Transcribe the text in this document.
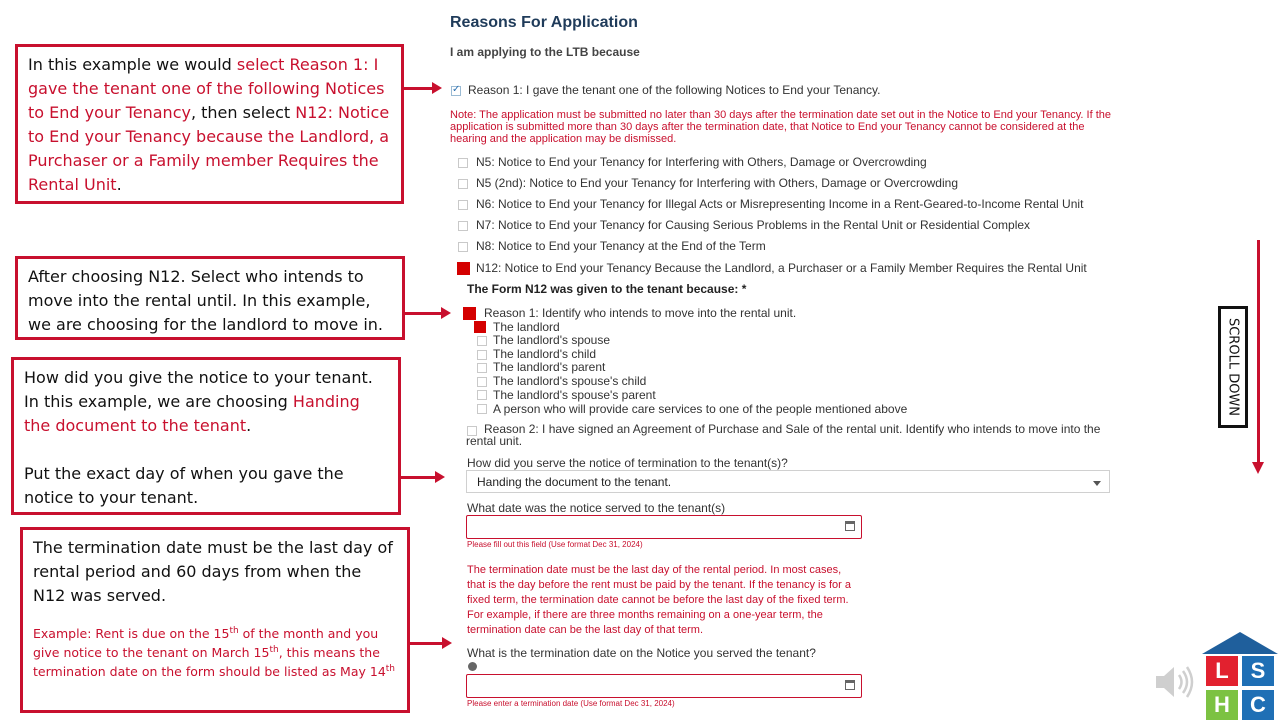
In this example we would select Reason 1: I gave the tenant one of the following Notices to End your Tenancy, then select N12: Notice to End your Tenancy because the Landlord, a Purchaser or a Family member Requires the Rental Unit.
After choosing N12. Select who intends to move into the rental until. In this example, we are choosing for the landlord to move in.
How did you give the notice to your tenant. In this example, we are choosing Handing the document to the tenant.
Put the exact day of when you gave the notice to your tenant.
The termination date must be the last day of rental period and 60 days from when the N12 was served.
Example: Rent is due on the 15th of the month and you give notice to the tenant on March 15th, this means the termination date on the form should be listed as May 14th
Reasons For Application
I am applying to the LTB because
✓
Reason 1: I gave the tenant one of the following Notices to End your Tenancy.
Note: The application must be submitted no later than 30 days after the termination date set out in the Notice to End your Tenancy. If the application is submitted more than 30 days after the termination date, that Notice to End your Tenancy cannot be considered at the hearing and the application may be dismissed.
N5: Notice to End your Tenancy for Interfering with Others, Damage or Overcrowding
N5 (2nd): Notice to End your Tenancy for Interfering with Others, Damage or Overcrowding
N6: Notice to End your Tenancy for Illegal Acts or Misrepresenting Income in a Rent-Geared-to-Income Rental Unit
N7: Notice to End your Tenancy for Causing Serious Problems in the Rental Unit or Residential Complex
N8: Notice to End your Tenancy at the End of the Term
N12: Notice to End your Tenancy Because the Landlord, a Purchaser or a Family Member Requires the Rental Unit
The Form N12 was given to the tenant because: *
Reason 1: Identify who intends to move into the rental unit.
The landlord
The landlord's spouse
The landlord's child
The landlord's parent
The landlord's spouse's child
The landlord's spouse's parent
A person who will provide care services to one of the people mentioned above
Reason 2: I have signed an Agreement of Purchase and Sale of the rental unit. Identify who intends to move into the rental unit.
How did you serve the notice of termination to the tenant(s)?
Handing the document to the tenant.
What date was the notice served to the tenant(s)
Please fill out this field (Use format Dec 31, 2024)
The termination date must be the last day of the rental period. In most cases, that is the day before the rent must be paid by the tenant. If the tenancy is for a fixed term, the termination date cannot be before the last day of the fixed term. For example, if there are three months remaining on a one-year term, the termination date can be the last day of that term.
What is the termination date on the Notice you served the tenant?
Please enter a termination date (Use format Dec 31, 2024)
SCROLL DOWN
L S
H C
